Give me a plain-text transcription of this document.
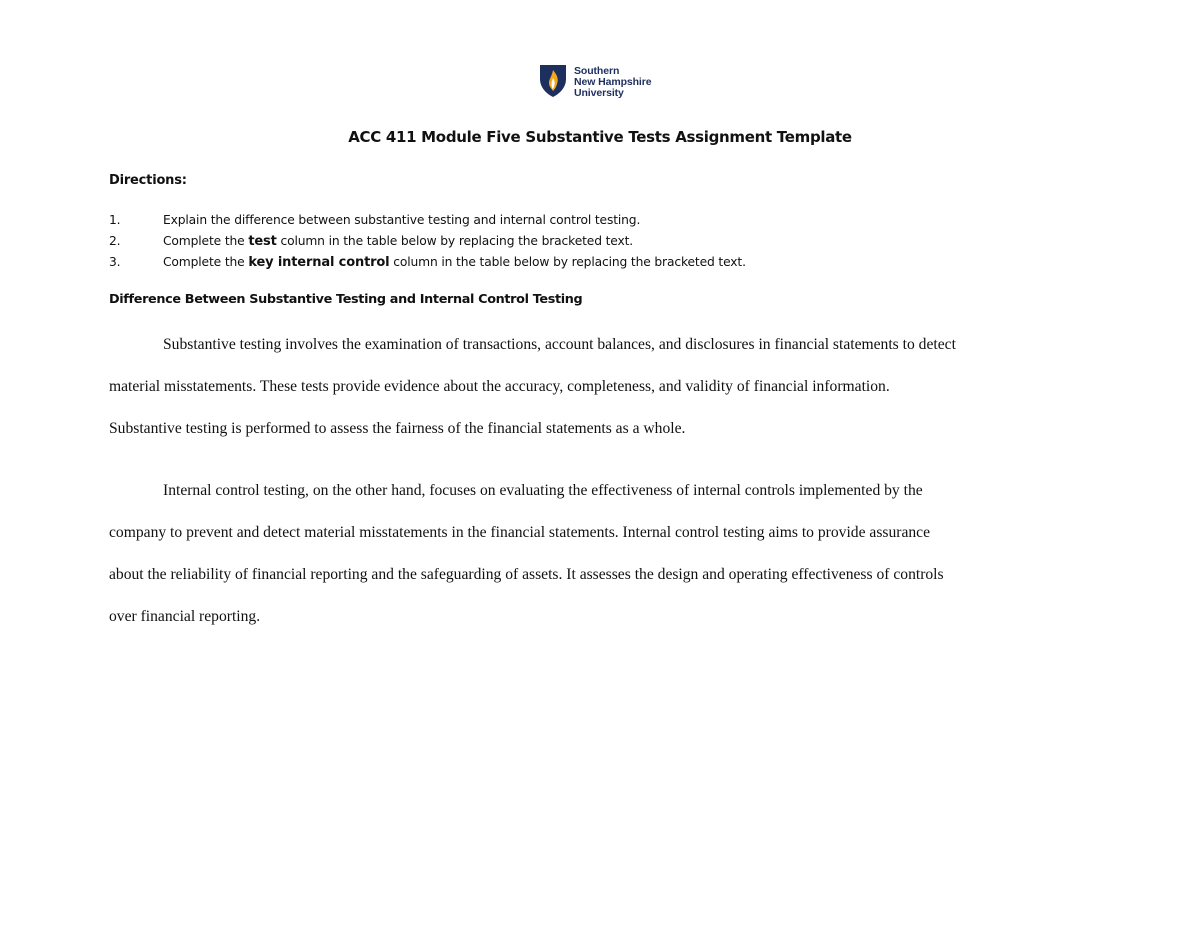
Southern
New Hampshire
University
ACC 411 Module Five Substantive Tests Assignment Template
Directions:
1.	Explain the difference between substantive testing and internal control testing.
2.	Complete the test column in the table below by replacing the bracketed text.
3.	Complete the key internal control column in the table below by replacing the bracketed text.
Difference Between Substantive Testing and Internal Control Testing
Substantive testing involves the examination of transactions, account balances, and disclosures in financial statements to detect
material misstatements. These tests provide evidence about the accuracy, completeness, and validity of financial information.
Substantive testing is performed to assess the fairness of the financial statements as a whole.
Internal control testing, on the other hand, focuses on evaluating the effectiveness of internal controls implemented by the
company to prevent and detect material misstatements in the financial statements. Internal control testing aims to provide assurance
about the reliability of financial reporting and the safeguarding of assets. It assesses the design and operating effectiveness of controls
over financial reporting.
